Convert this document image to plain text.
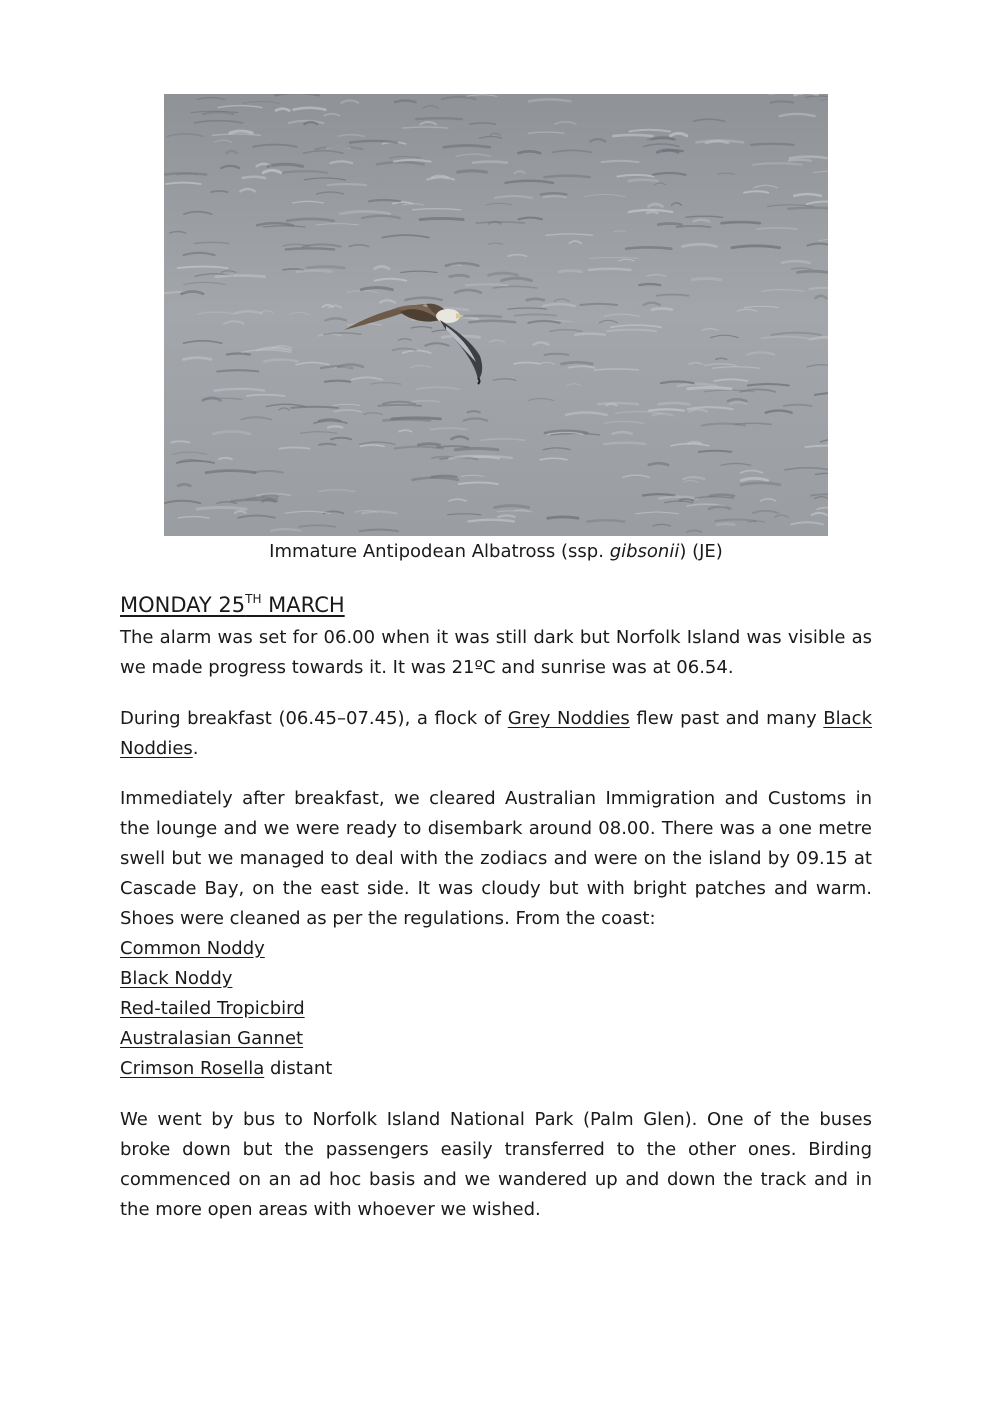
Immature Antipodean Albatross (ssp. gibsonii) (JE)
MONDAY 25TH MARCH

The alarm was set for 06.00 when it was still dark but Norfolk Island was visible as we made progress towards it. It was 21ºC and sunrise was at 06.54.

During breakfast (06.45–07.45), a flock of Grey Noddies flew past and many Black Noddies.

Immediately after breakfast, we cleared Australian Immigration and Customs in the lounge and we were ready to disembark around 08.00. There was a one metre swell but we managed to deal with the zodiacs and were on the island by 09.15 at Cascade Bay, on the east side. It was cloudy but with bright patches and warm. Shoes were cleaned as per the regulations. From the coast:

Common Noddy
Black Noddy
Red-tailed Tropicbird
Australasian Gannet
Crimson Rosella distant

We went by bus to Norfolk Island National Park (Palm Glen). One of the buses broke down but the passengers easily transferred to the other ones. Birding commenced on an ad hoc basis and we wandered up and down the track and in the more open areas with whoever we wished.
